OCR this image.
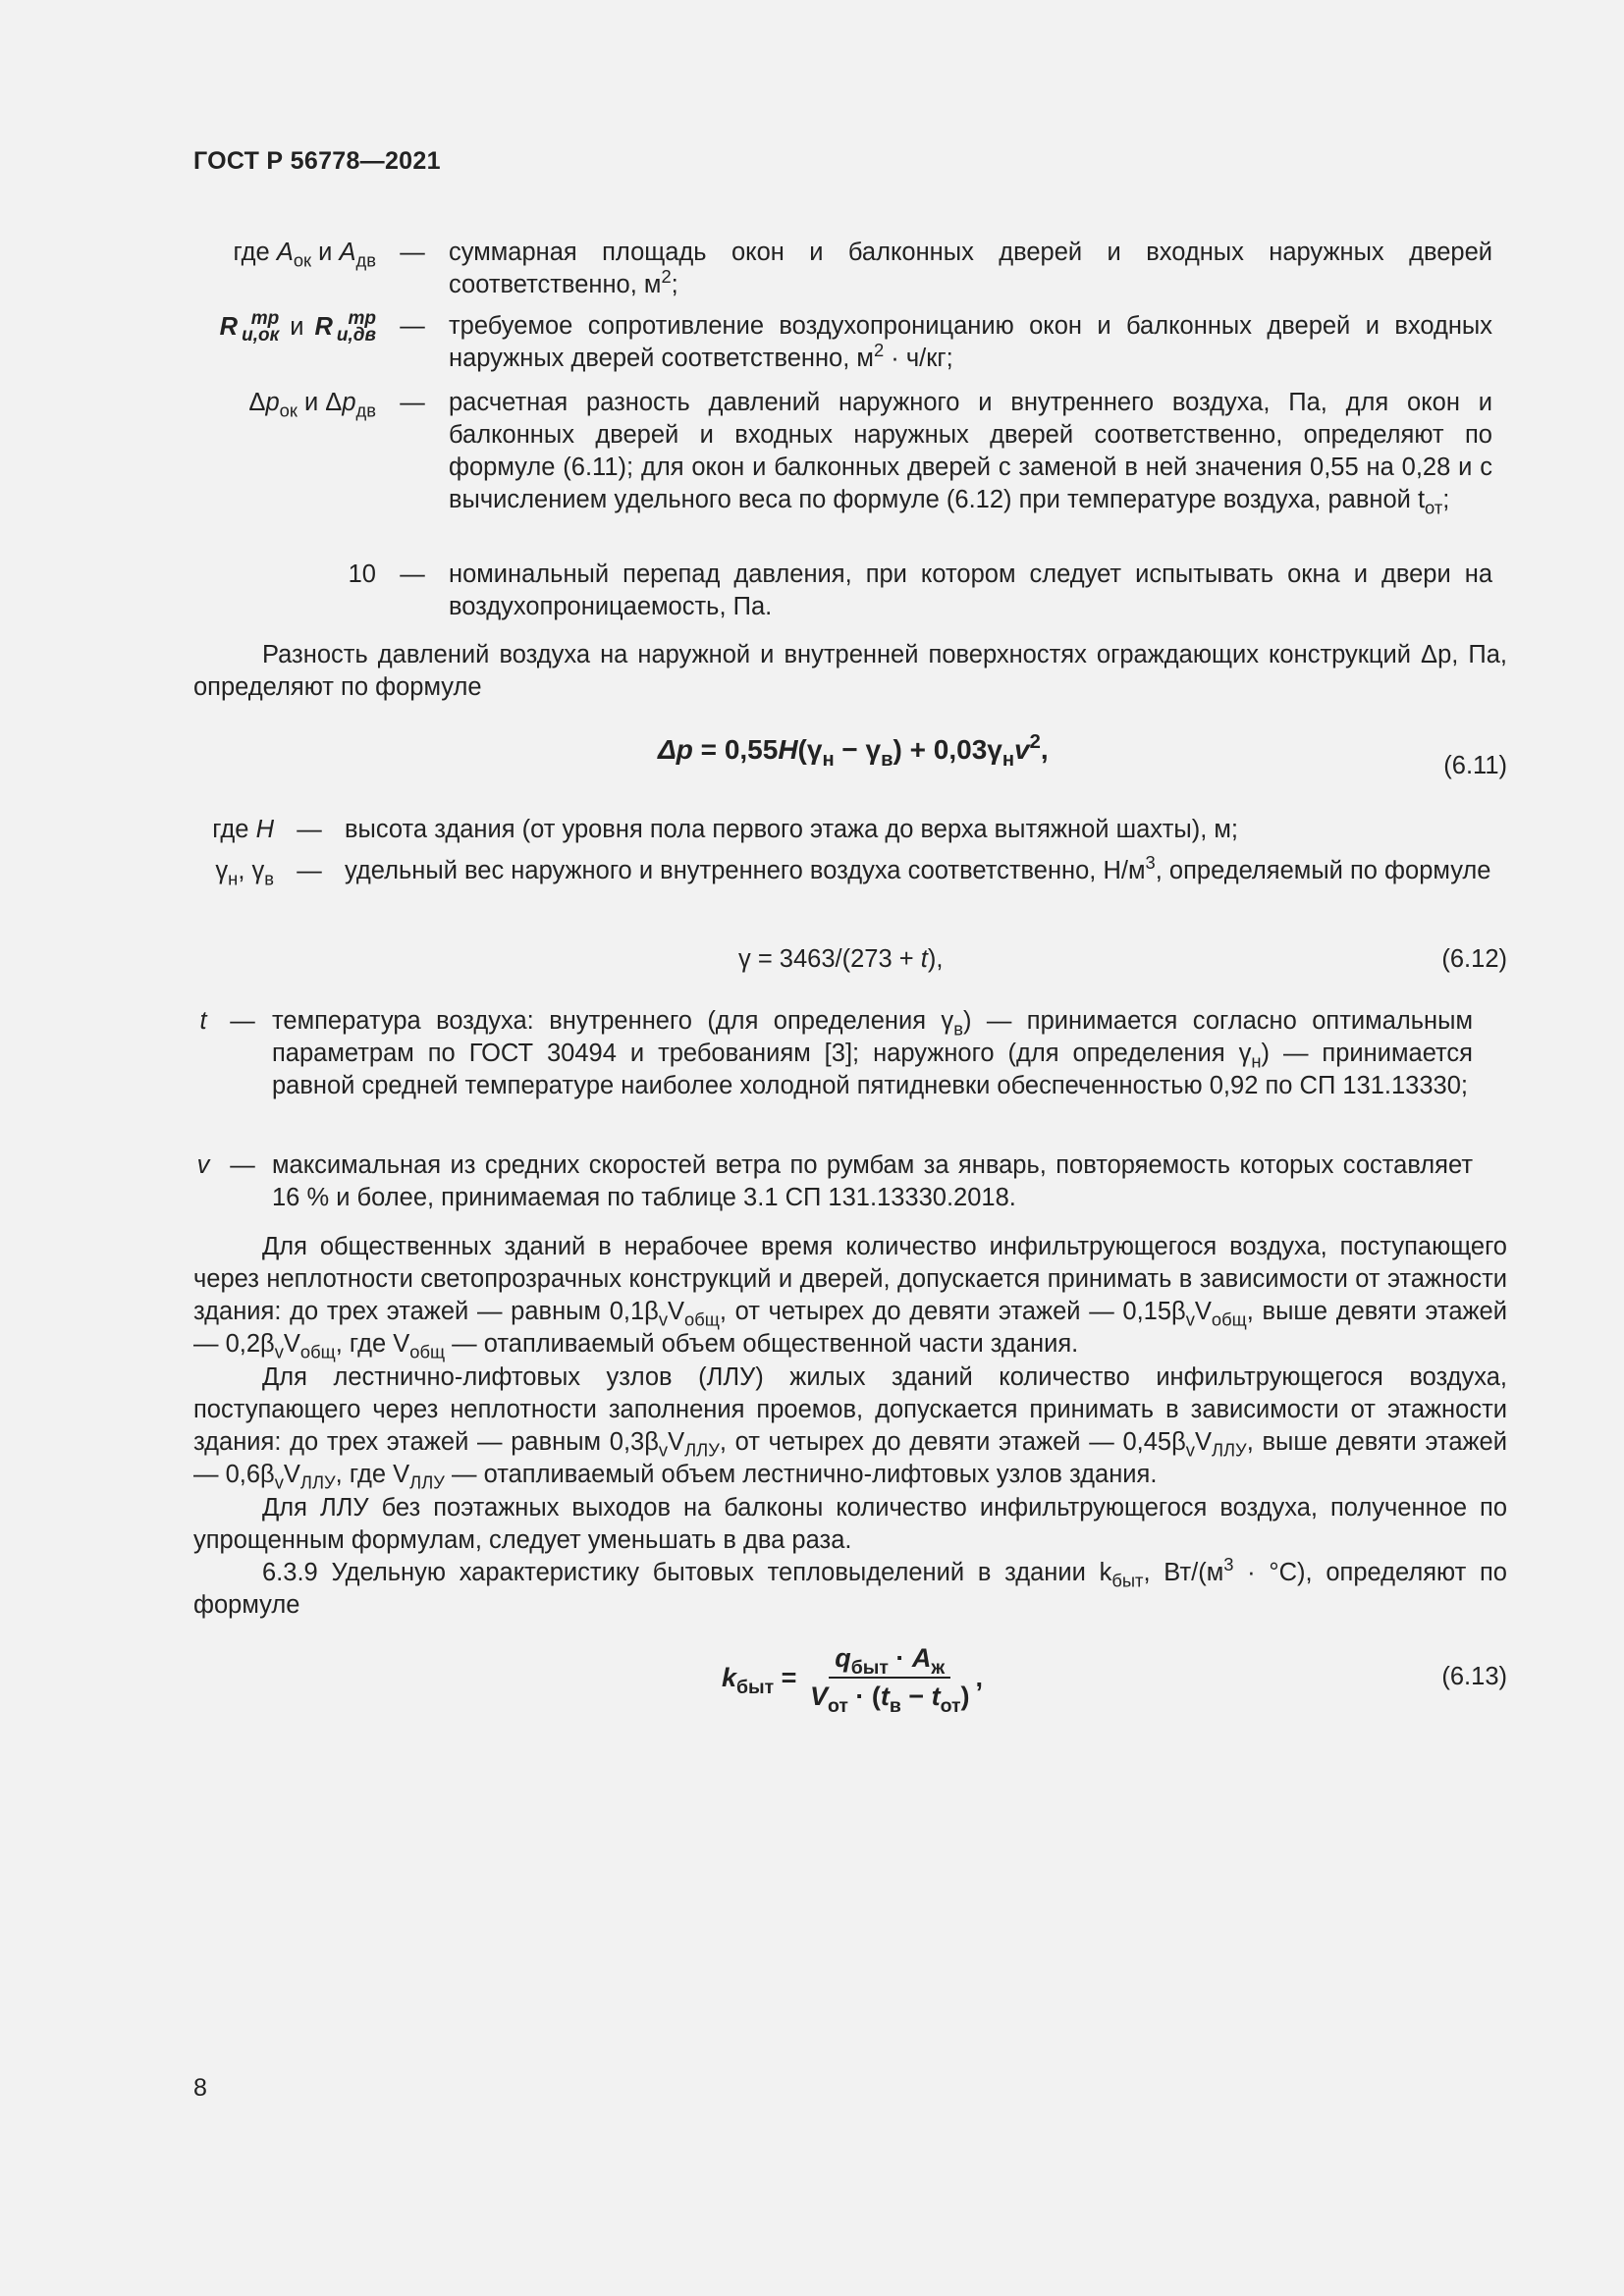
ГОСТ Р 56778—2021
где $A_{ок}$ и $A_{дв}$ — суммарная площадь окон и балконных дверей и входных наружных дверей соответственно, $м^2$;
R тр
и,ок и R тр
и,дв — требуемое сопротивление воздухопроницанию окон и балконных дверей и входных наружных дверей соответственно, $м^2 \cdot ч/кг$;
$\Delta p_{ок}$ и $\Delta p_{дв}$ — расчетная разность давлений наружного и внутреннего воздуха, Па, для окон и балконных дверей и входных наружных дверей соответственно, определяют по формуле (6.11); для окон и балконных дверей с заменой в ней значения 0,55 на 0,28 и с вычислением удельного веса по формуле (6.12) при температуре воздуха, равной $t_{от}$;
10 — номинальный перепад давления, при котором следует испытывать окна и двери на воздухопроницаемость, Па.
Разность давлений воздуха на наружной и внутренней поверхностях ограждающих конструкций Δp, Па, определяют по формуле
$\Delta p = 0,55H(\gamma_н - \gamma_в) + 0,03\gamma_нv^2$,
(6.11)
где H — высота здания (от уровня пола первого этажа до верха вытяжной шахты), м;
$\gamma_н$, $\gamma_в$ — удельный вес наружного и внутреннего воздуха соответственно, $Н/м^3$, определяемый по формуле
γ = 3463/(273 + t),	(6.12)
t — температура воздуха: внутреннего (для определения $\gamma_в$) — принимается согласно оптимальным параметрам по ГОСТ 30494 и требованиям [3]; наружного (для определения $\gamma_н$) — принимается равной средней температуре наиболее холодной пятидневки обеспеченностью 0,92 по СП 131.13330;
v — максимальная из средних скоростей ветра по румбам за январь, повторяемость которых составляет 16 % и более, принимаемая по таблице 3.1 СП 131.13330.2018.
Для общественных зданий в нерабочее время количество инфильтрующегося воздуха, поступающего через неплотности светопрозрачных конструкций и дверей, допускается принимать в зависимости от этажности здания: до трех этажей — равным $0,1\beta_vV_{общ}$, от четырех до девяти этажей — $0,15\beta_vV_{общ}$, выше девяти этажей — $0,2\beta_vV_{общ}$, где $V_{общ}$ — отапливаемый объем общественной части здания.
Для лестнично-лифтовых узлов (ЛЛУ) жилых зданий количество инфильтрующегося воздуха, поступающего через неплотности заполнения проемов, допускается принимать в зависимости от этажности здания: до трех этажей — равным $0,3\beta_vV_{ЛЛУ}$, от четырех до девяти этажей — $0,45\beta_vV_{ЛЛУ}$, выше девяти этажей — $0,6\beta_vV_{ЛЛУ}$, где $V_{ЛЛУ}$ — отапливаемый объем лестнично-лифтовых узлов здания.
Для ЛЛУ без поэтажных выходов на балконы количество инфильтрующегося воздуха, полученное по упрощенным формулам, следует уменьшать в два раза.
6.3.9 Удельную характеристику бытовых тепловыделений в здании $k_{быт}$, $Вт/(м^3 \cdot ^\circ С)$, определяют по формуле
$k_{быт} = \frac{q_{быт} \cdot A_ж}{V_{от} \cdot (t_в - t_{от})}$ ,	(6.13)
8
